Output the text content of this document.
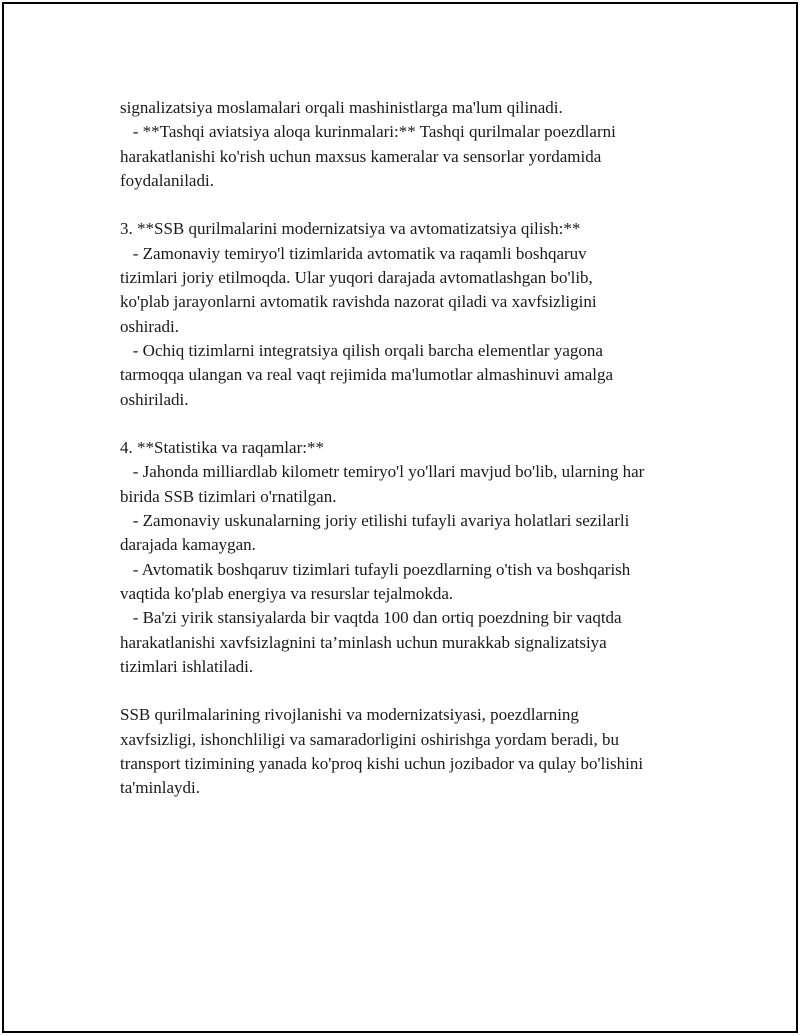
signalizatsiya moslamalari orqali mashinistlarga ma'lum qilinadi.
- **Tashqi aviatsiya aloqa kurinmalari:** Tashqi qurilmalar poezdlarni
harakatlanishi ko'rish uchun maxsus kameralar va sensorlar yordamida
foydalaniladi.
3. **SSB qurilmalarini modernizatsiya va avtomatizatsiya qilish:**
- Zamonaviy temiryo'l tizimlarida avtomatik va raqamli boshqaruv
tizimlari joriy etilmoqda. Ular yuqori darajada avtomatlashgan bo'lib,
ko'plab jarayonlarni avtomatik ravishda nazorat qiladi va xavfsizligini
oshiradi.
- Ochiq tizimlarni integratsiya qilish orqali barcha elementlar yagona
tarmoqqa ulangan va real vaqt rejimida ma'lumotlar almashinuvi amalga
oshiriladi.
4. **Statistika va raqamlar:**
- Jahonda milliardlab kilometr temiryo'l yo'llari mavjud bo'lib, ularning har
birida SSB tizimlari o'rnatilgan.
- Zamonaviy uskunalarning joriy etilishi tufayli avariya holatlari sezilarli
darajada kamaygan.
- Avtomatik boshqaruv tizimlari tufayli poezdlarning o'tish va boshqarish
vaqtida ko'plab energiya va resurslar tejalmokda.
- Ba'zi yirik stansiyalarda bir vaqtda 100 dan ortiq poezdning bir vaqtda
harakatlanishi xavfsizlagnini ta’minlash uchun murakkab signalizatsiya
tizimlari ishlatiladi.
SSB qurilmalarining rivojlanishi va modernizatsiyasi, poezdlarning
xavfsizligi, ishonchliligi va samaradorligini oshirishga yordam beradi, bu
transport tizimining yanada ko'proq kishi uchun jozibador va qulay bo'lishini
ta'minlaydi.
